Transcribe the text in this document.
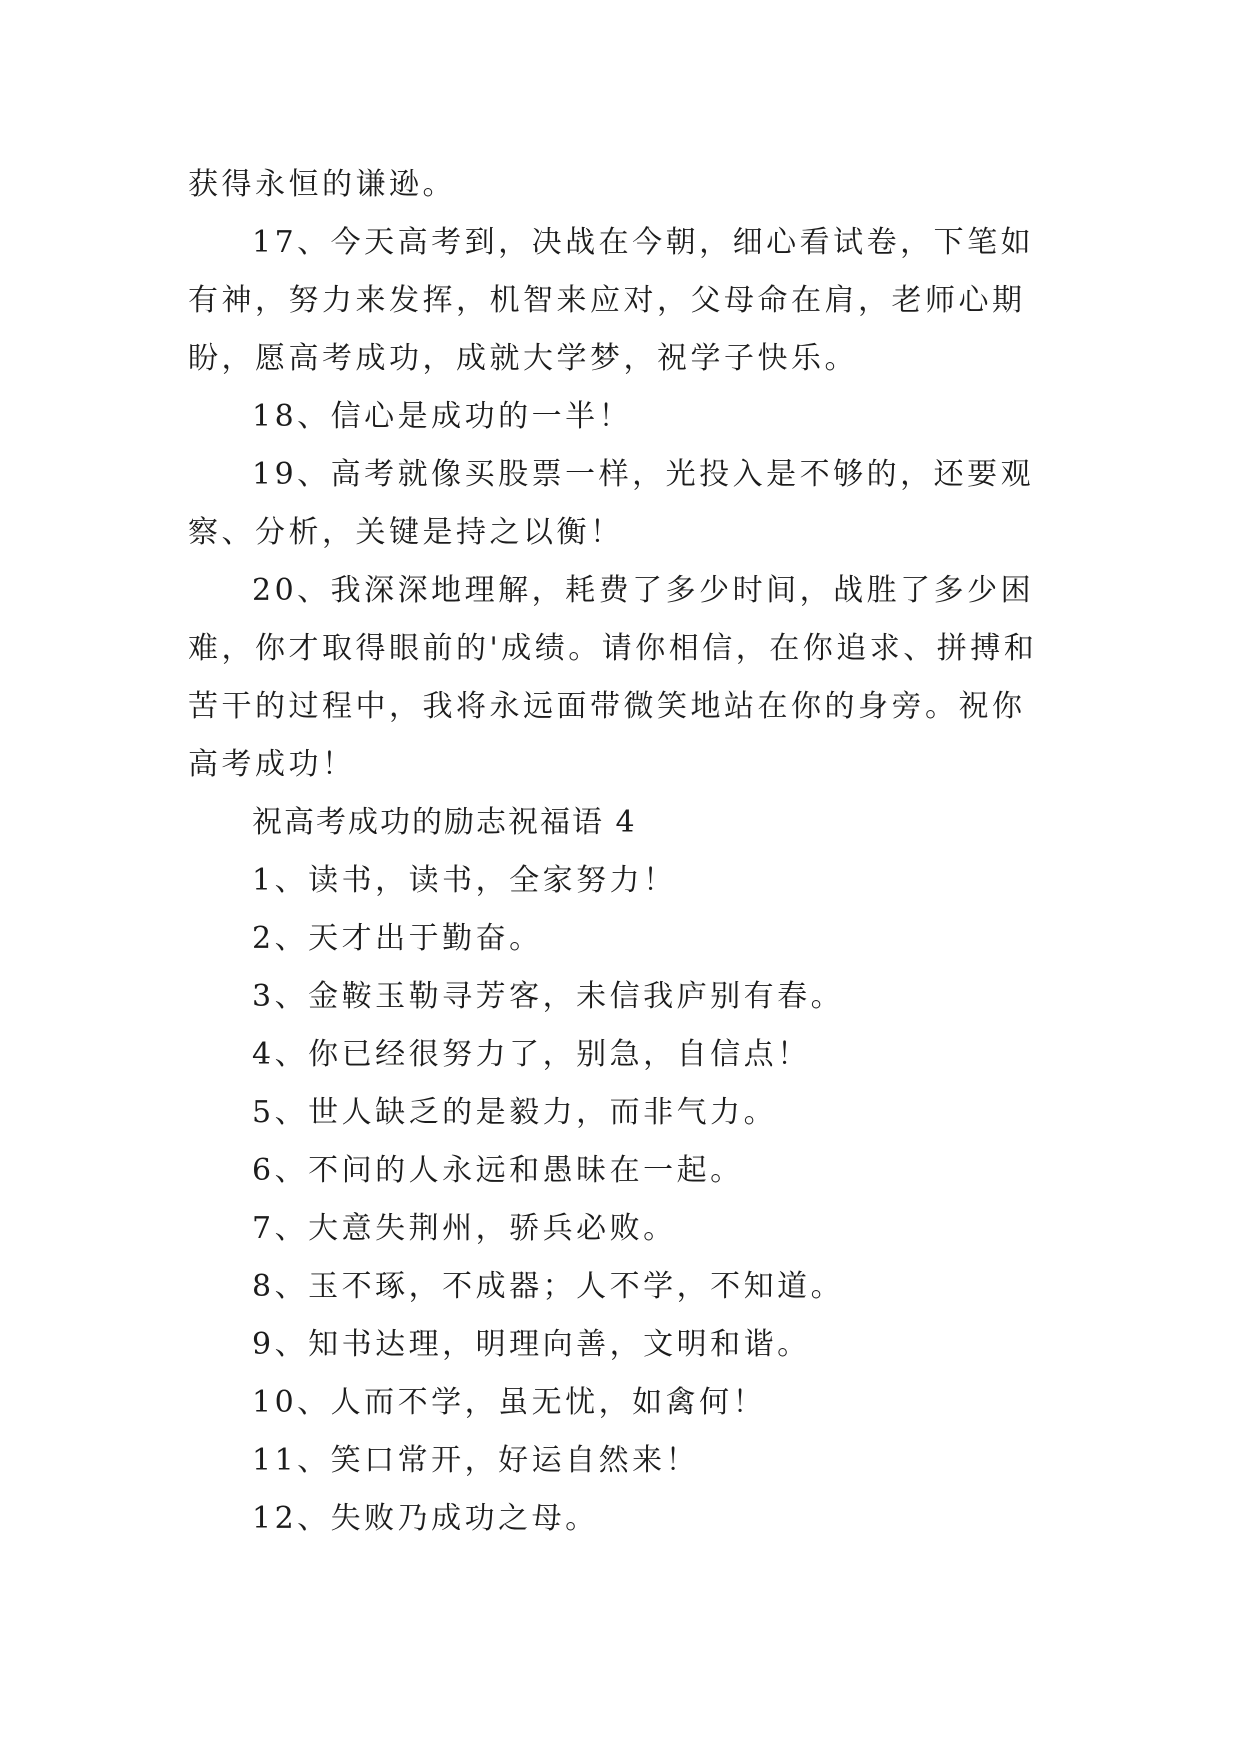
获得永恒的谦逊。

17、今天高考到，决战在今朝，细心看试卷，下笔如有神，努力来发挥，机智来应对，父母命在肩，老师心期盼，愿高考成功，成就大学梦，祝学子快乐。

18、信心是成功的一半！

19、高考就像买股票一样，光投入是不够的，还要观察、分析，关键是持之以衡！

20、我深深地理解，耗费了多少时间，战胜了多少困难，你才取得眼前的'成绩。请你相信，在你追求、拼搏和苦干的过程中，我将永远面带微笑地站在你的身旁。祝你高考成功！

祝高考成功的励志祝福语 4

1、读书，读书，全家努力！

2、天才出于勤奋。

3、金鞍玉勒寻芳客，未信我庐别有春。

4、你已经很努力了，别急，自信点！

5、世人缺乏的是毅力，而非气力。

6、不问的人永远和愚昧在一起。

7、大意失荆州，骄兵必败。

8、玉不琢，不成器；人不学，不知道。

9、知书达理，明理向善，文明和谐。

10、人而不学，虽无忧，如禽何！

11、笑口常开，好运自然来！

12、失败乃成功之母。
